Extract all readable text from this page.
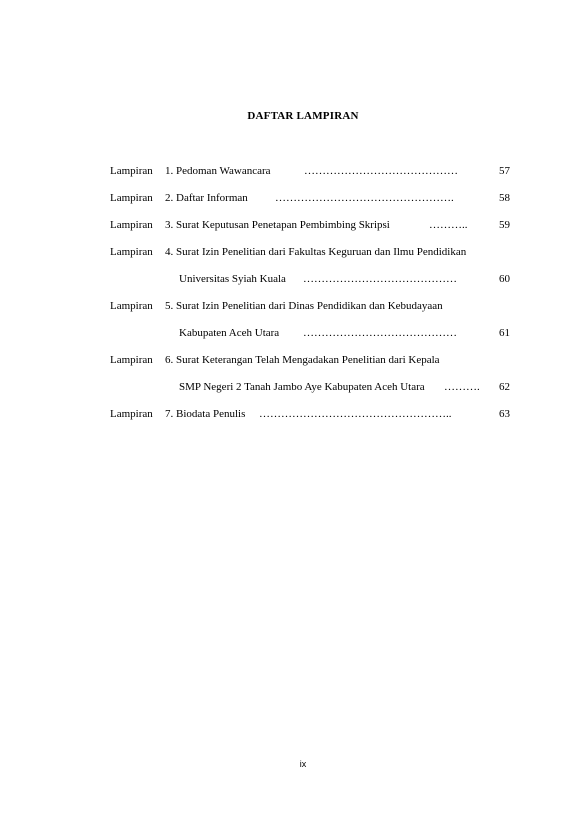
DAFTAR LAMPIRAN
Lampiran 1. Pedoman Wawancara	……………………………………	57
Lampiran 2. Daftar Informan ………………………………………….	58
Lampiran 3. Surat Keputusan Penetapan Pembimbing Skripsi	………..	59
Lampiran 4. Surat Izin Penelitian dari Fakultas Keguruan dan Ilmu Pendidikan
Universitas Syiah Kuala ……………………………………	60
Lampiran 5. Surat Izin Penelitian dari Dinas Pendidikan dan Kebudayaan
Kabupaten Aceh Utara ……………………………………	61
Lampiran 6. Surat Keterangan Telah Mengadakan Penelitian dari Kepala
SMP Negeri 2 Tanah Jambo Aye Kabupaten Aceh Utara ………. 62
Lampiran 7. Biodata Penulis ……………………………………………..	63
ix
